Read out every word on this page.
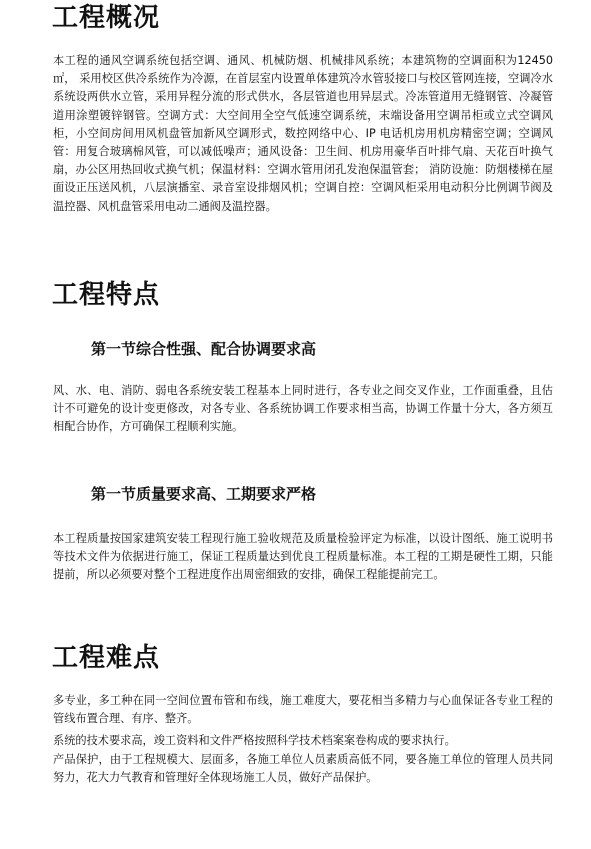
工程概况

本工程的通风空调系统包括空调、通风、机械防烟、机械排风系统；本建筑物的空调面积为12450㎡， 采用校区供冷系统作为冷源，在首层室内设置单体建筑冷水管驳接口与校区管网连接，空调冷水系统设两供水立管，采用异程分流的形式供水，各层管道也用异层式。冷冻管道用无缝钢管、冷凝管道用涂塑镀锌钢管。空调方式：大空间用全空气低速空调系统，末端设备用空调吊柜或立式空调风柜，小空间房间用风机盘管加新风空调形式，数控网络中心、IP 电话机房用机房精密空调；空调风管：用复合玻璃棉风管，可以减低噪声；通风设备：卫生间、机房用豪华百叶排气扇、天花百叶换气扇，办公区用热回收式换气机；保温材料：空调水管用闭孔发泡保温管套； 消防设施：防烟楼梯在屋面设正压送风机，八层演播室、录音室设排烟风机；空调自控：空调风柜采用电动积分比例调节阀及温控器、风机盘管采用电动二通阀及温控器。

工程特点
第一节综合性强、配合协调要求高

风、水、电、消防、弱电各系统安装工程基本上同时进行，各专业之间交叉作业，工作面重叠，且估计不可避免的设计变更修改，对各专业、各系统协调工作要求相当高，协调工作量十分大，各方须互相配合协作，方可确保工程顺利实施。

第一节质量要求高、工期要求严格

本工程质量按国家建筑安装工程现行施工验收规范及质量检验评定为标准，以设计图纸、施工说明书等技术文件为依据进行施工，保证工程质量达到优良工程质量标准。本工程的工期是硬性工期，只能提前，所以必须要对整个工程进度作出周密细致的安排，确保工程能提前完工。

工程难点

多专业，多工种在同一空间位置布管和布线，施工难度大，要花相当多精力与心血保证各专业工程的管线布置合理、有序、整齐。

系统的技术要求高，竣工资料和文件严格按照科学技术档案案卷构成的要求执行。

产品保护，由于工程规模大、层面多，各施工单位人员素质高低不同，要各施工单位的管理人员共同努力，花大力气教育和管理好全体现场施工人员，做好产品保护。
